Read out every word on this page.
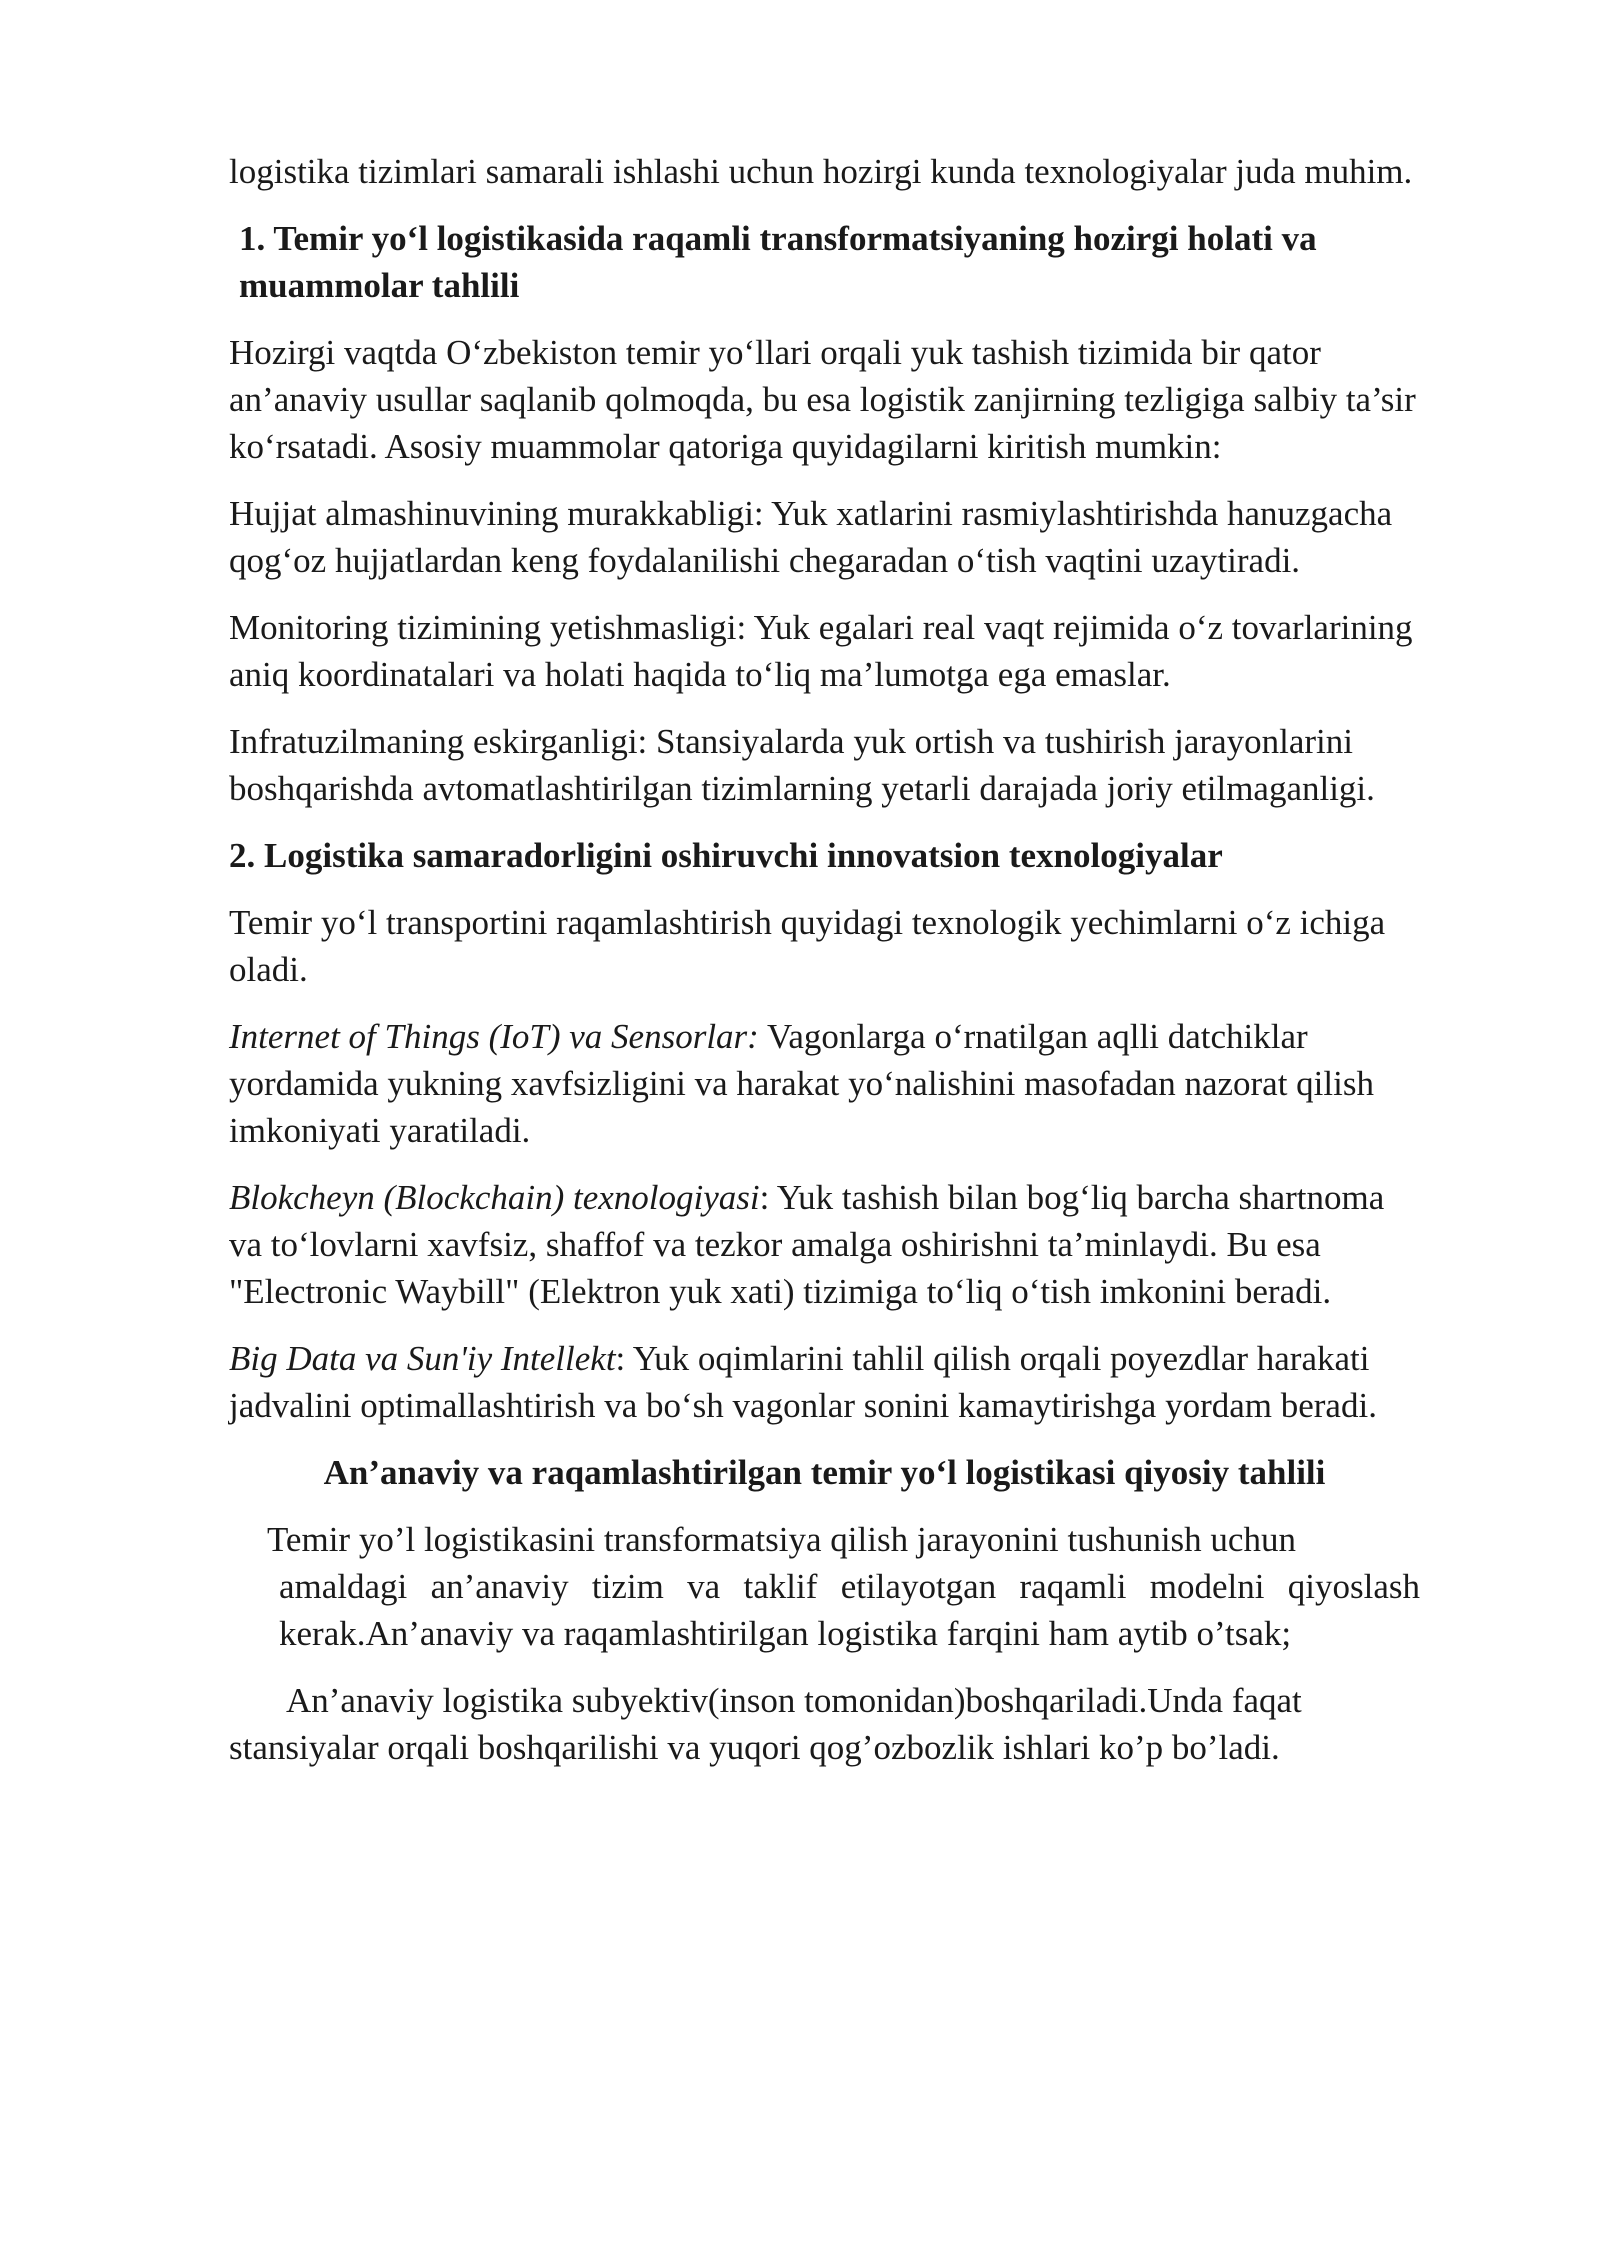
logistika tizimlari samarali ishlashi uchun hozirgi kunda texnologiyalar juda muhim.

1. Temir yo‘l logistikasida raqamli transformatsiyaning hozirgi holati va muammolar tahlili

Hozirgi vaqtda O‘zbekiston temir yo‘llari orqali yuk tashish tizimida bir qator an’anaviy usullar saqlanib qolmoqda, bu esa logistik zanjirning tezligiga salbiy ta’sir ko‘rsatadi. Asosiy muammolar qatoriga quyidagilarni kiritish mumkin:

Hujjat almashinuvining murakkabligi: Yuk xatlarini rasmiylashtirishda hanuzgacha qog‘oz hujjatlardan keng foydalanilishi chegaradan o‘tish vaqtini uzaytiradi.

Monitoring tizimining yetishmasligi: Yuk egalari real vaqt rejimida o‘z tovarlarining aniq koordinatalari va holati haqida to‘liq ma’lumotga ega emaslar.

Infratuzilmaning eskirganligi: Stansiyalarda yuk ortish va tushirish jarayonlarini boshqarishda avtomatlashtirilgan tizimlarning yetarli darajada joriy etilmaganligi.

2. Logistika samaradorligini oshiruvchi innovatsion texnologiyalar

Temir yo‘l transportini raqamlashtirish quyidagi texnologik yechimlarni o‘z ichiga oladi.

Internet of Things (IoT) va Sensorlar: Vagonlarga o‘rnatilgan aqlli datchiklar yordamida yukning xavfsizligini va harakat yo‘nalishini masofadan nazorat qilish imkoniyati yaratiladi.

Blokcheyn (Blockchain) texnologiyasi: Yuk tashish bilan bog‘liq barcha shartnoma va to‘lovlarni xavfsiz, shaffof va tezkor amalga oshirishni ta’minlaydi. Bu esa "Electronic Waybill" (Elektron yuk xati) tizimiga to‘liq o‘tish imkonini beradi.

Big Data va Sun'iy Intellekt: Yuk oqimlarini tahlil qilish orqali poyezdlar harakati jadvalini optimallashtirish va bo‘sh vagonlar sonini kamaytirishga yordam beradi.

An’anaviy va raqamlashtirilgan temir yo‘l logistikasi qiyosiy tahlili

Temir yo’l logistikasini transformatsiya qilish jarayonini tushunish uchun
amaldagi an’anaviy tizim va taklif etilayotgan raqamli modelni qiyoslash kerak.An’anaviy va raqamlashtirilgan logistika farqini ham aytib o’tsak;

An’anaviy logistika subyektiv(inson tomonidan)boshqariladi.Unda faqat stansiyalar orqali boshqarilishi va yuqori qog’ozbozlik ishlari ko’p bo’ladi.
